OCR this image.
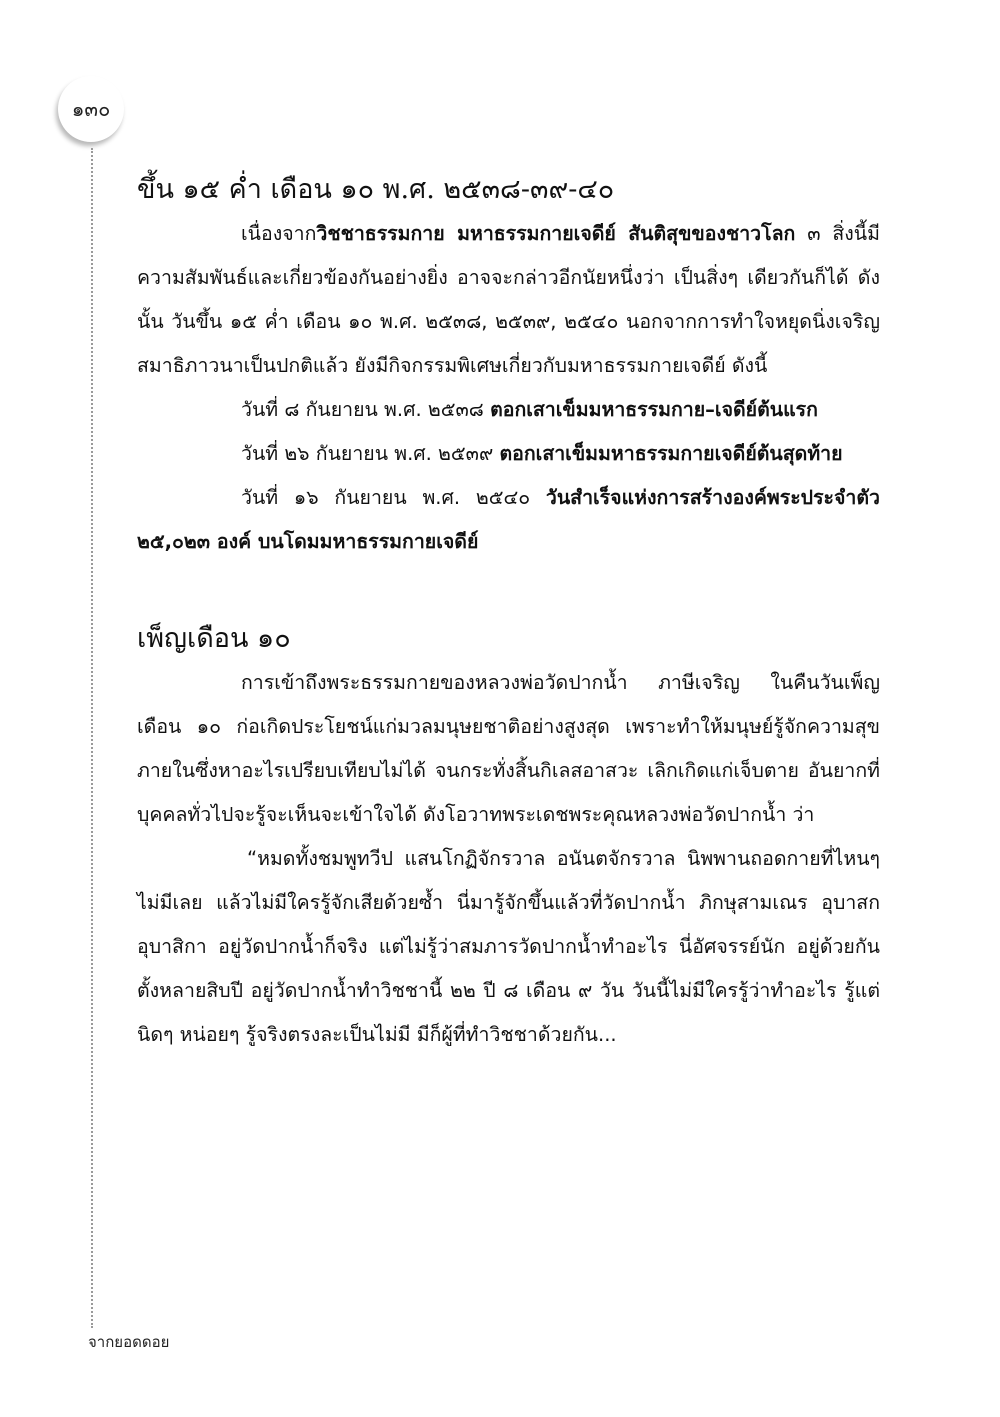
๑๓๐
ขึ้น ๑๕ ค่ำ เดือน ๑๐ พ.ศ. ๒๕๓๘-๓๙-๔๐

เนื่องจากวิชชาธรรมกาย มหาธรรมกายเจดีย์ สันติสุขของชาวโลก ๓ สิ่งนี้มีความสัมพันธ์และเกี่ยวข้องกันอย่างยิ่ง อาจจะกล่าวอีกนัยหนึ่งว่า เป็นสิ่งๆ เดียวกันก็ได้ ดังนั้น วันขึ้น ๑๕ ค่ำ เดือน ๑๐ พ.ศ. ๒๕๓๘, ๒๕๓๙, ๒๕๔๐ นอกจากการทำใจหยุดนิ่งเจริญสมาธิภาวนาเป็นปกติแล้ว ยังมีกิจกรรมพิเศษเกี่ยวกับมหาธรรมกายเจดีย์ ดังนี้

วันที่ ๘ กันยายน พ.ศ. ๒๕๓๘ ตอกเสาเข็มมหาธรรมกาย–เจดีย์ต้นแรก

วันที่ ๒๖ กันยายน พ.ศ. ๒๕๓๙ ตอกเสาเข็มมหาธรรมกายเจดีย์ต้นสุดท้าย

วันที่ ๑๖ กันยายน พ.ศ. ๒๕๔๐ วันสำเร็จแห่งการสร้างองค์พระประจำตัว ๒๕,๐๒๓ องค์ บนโดมมหาธรรมกายเจดีย์

เพ็ญเดือน ๑๐

การเข้าถึงพระธรรมกายของหลวงพ่อวัดปากน้ำ ภาษีเจริญ ในคืนวันเพ็ญ เดือน ๑๐ ก่อเกิดประโยชน์แก่มวลมนุษยชาติอย่างสูงสุด เพราะทำให้มนุษย์รู้จักความสุขภายในซึ่งหาอะไรเปรียบเทียบไม่ได้ จนกระทั่งสิ้นกิเลสอาสวะ เลิกเกิดแก่เจ็บตาย อันยากที่บุคคลทั่วไปจะรู้จะเห็นจะเข้าใจได้ ดังโอวาทพระเดชพระคุณหลวงพ่อวัดปากน้ำ ว่า

“หมดทั้งชมพูทวีป แสนโกฏิจักรวาล อนันตจักรวาล นิพพานถอดกายที่ไหนๆ ไม่มีเลย แล้วไม่มีใครรู้จักเสียด้วยซ้ำ นี่มารู้จักขึ้นแล้วที่วัดปากน้ำ ภิกษุสามเณร อุบาสก อุบาสิกา อยู่วัดปากน้ำก็จริง แต่ไม่รู้ว่าสมภารวัดปากน้ำทำอะไร นี่อัศจรรย์นัก อยู่ด้วยกันตั้งหลายสิบปี อยู่วัดปากน้ำทำวิชชานี้ ๒๒ ปี ๘ เดือน ๙ วัน วันนี้ไม่มีใครรู้ว่าทำอะไร รู้แต่นิดๆ หน่อยๆ รู้จริงตรงละเป็นไม่มี มีก็ผู้ที่ทำวิชชาด้วยกัน...

จากยอดดอย
